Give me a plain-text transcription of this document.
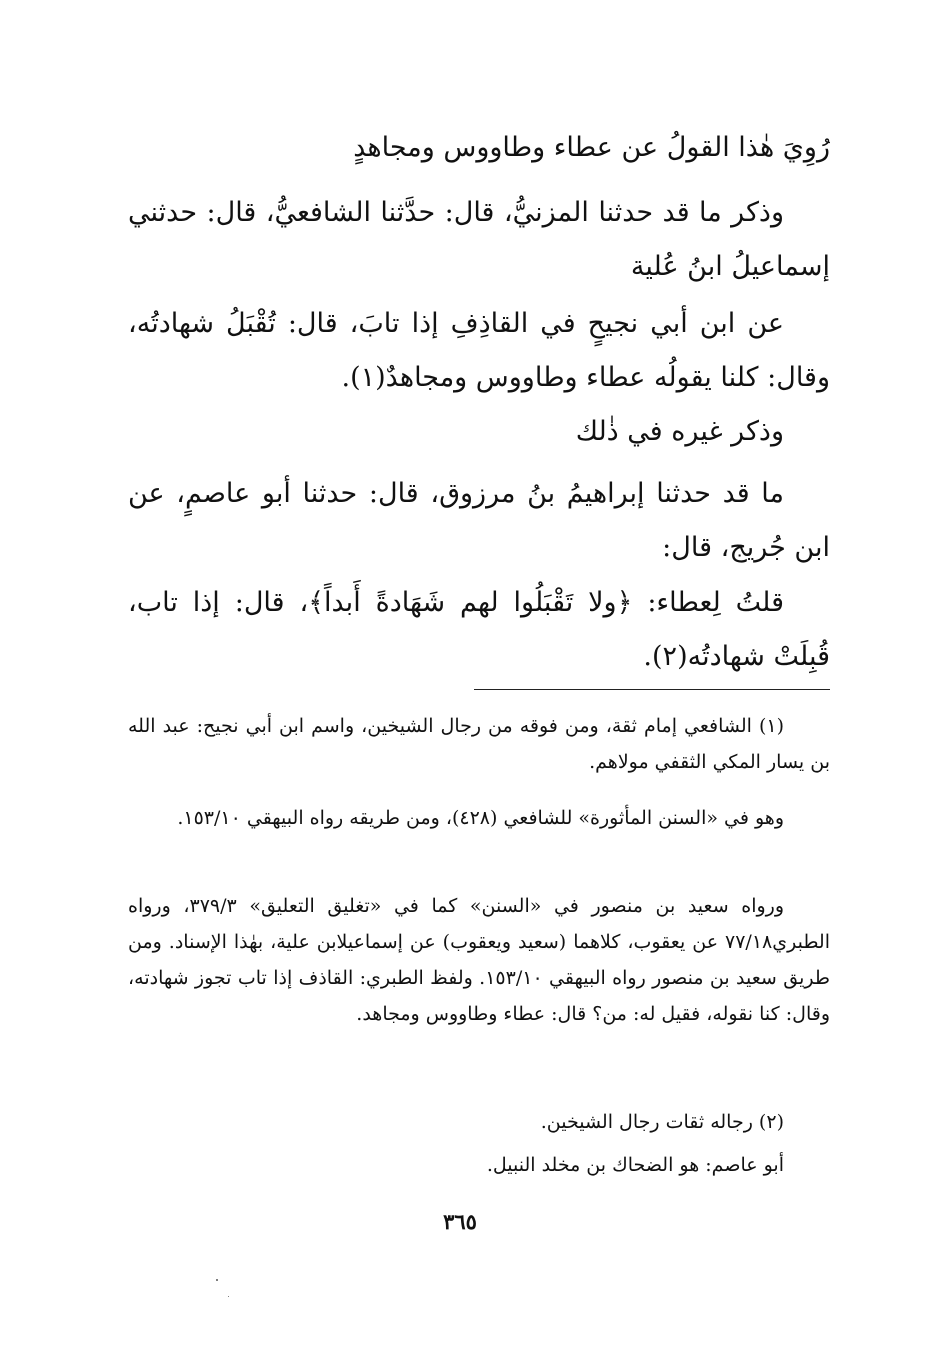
رُوِيَ هٰذا القولُ عن عطاء وطاووس ومجاهدٍ

وذكر ما قد حدثنا المزنيُّ، قال: حدَّثنا الشافعيُّ، قال: حدثني إسماعيلُ ابنُ عُلية

عن ابن أبي نجيحٍ في القاذِفِ إذا تابَ، قال: تُقْبَلُ شهادتُه، وقال: كلنا يقولُه عطاء وطاووس ومجاهدٌ(١).

وذكر غيره في ذٰلك

ما قد حدثنا إبراهيمُ بنُ مرزوق، قال: حدثنا أبو عاصمٍ، عن ابن جُريج، قال:

قلتُ لِعطاء: ﴿ولا تَقْبَلُوا لهم شَهَادةً أَبداً﴾، قال: إذا تاب، قُبِلَتْ شهادتُه(٢).

(١) الشافعي إمام ثقة، ومن فوقه من رجال الشيخين، واسم ابن أبي نجيح: عبد الله بن يسار المكي الثقفي مولاهم.

وهو في «السنن المأثورة» للشافعي (٤٢٨)، ومن طريقه رواه البيهقي ١٥٣/١٠.

ورواه سعيد بن منصور في «السنن» كما في «تغليق التعليق» ٣٧٩/٣، ورواه الطبري٧٧/١٨ عن يعقوب، كلاهما (سعيد ويعقوب) عن إسماعيلابن علية، بهٰذا الإسناد. ومن طريق سعيد بن منصور رواه البيهقي ١٥٣/١٠. ولفظ الطبري: القاذف إذا تاب تجوز شهادته، وقال: كنا نقوله، فقيل له: من؟ قال: عطاء وطاووس ومجاهد.

(٢) رجاله ثقات رجال الشيخين.

أبو عاصم: هو الضحاك بن مخلد النبيل.

٣٦٥
